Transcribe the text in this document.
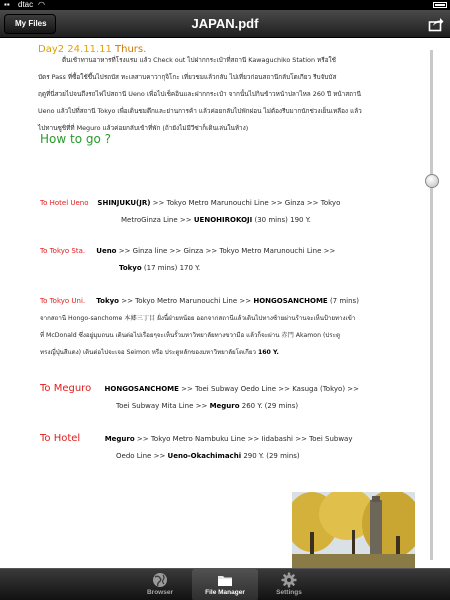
▪▪ dtac ◠
My Files	JAPAN.pdf
Day2 24.11.11 Thurs.
ตื่นเช้าทานอาหารที่โรงแรม แล้ว Check out ไปฝากกระเป๋าที่สถานี Kawaguchiko Station หรือใช้
บัตร Pass ที่ซื้อใช้ขึ้นไปรถบัส ทะเลสาบคาวากุจิโกะ เที่ยวชมแล้วกลับ ไปเที่ยวก่อนสถานีกลับโตเกียว รีบจับบัส
ฤดูที่นี่สวยไปจนถึงรถไฟไปสถานี Ueno เพื่อไปเช็คอินและฝากกระเป๋า จากนั้นไปกินข้าวหน้าปลาไหล 260 ปี หน้าสถานี
Ueno แล้วไปที่สถานี Tokyo เพื่อเดินชมตึกและย่านการค้า แล้วค่อยกลับไปพักผ่อน ไม่ต้องรีบมากนักช่วงเย็นเหลือง แล้ว
ไปทานซูชิที่ที่ Meguro แล้วค่อยกลับเข้าที่พัก (ถ้ายังไม่มีวีซ่าก็เดินเล่นในห้าง)
How to go ?
To Hotel Ueno SHINJUKU(JR) >> Tokyo Metro Marunouchi Line >> Ginza >> Tokyo
MetroGinza Line >> UENOHIROKOJI (30 mins) 190 Y.
To Tokyo Sta. Ueno >> Ginza line >> Ginza >> Tokyo Metro Marunouchi Line >>
Tokyo (17 mins) 170 Y.
To Tokyo Uni. Tokyo >> Tokyo Metro Marunouchi Line >> HONGOSANCHOME (7 mins)
จากสถานี Hongo-sanchome 本郷三丁目 ฝั่งนี้ฝ่ายหน้อย ออกจากสถานีแล้วเดินไปทางซ้ายผ่านร้านจะเห็นป้ายทางเข้า
ที่ McDonald ซึ่งอยู่มุมถนน เดินต่อไปเรื่อยๆจะเห็นรั้วมหาวิทยาลัยทางขวามือ แล้วก็จะผ่าน 赤門 Akamon (ประตู
ทรงญี่ปุ่นสีแดง) เดินต่อไปจะเจอ Seimon หรือ ประตูหลักของมหาวิทยาลัยโตเกียว 160 Y.
To Meguro HONGOSANCHOME >> Toei Subway Oedo Line >> Kasuga (Tokyo) >>
Toei Subway Mita Line >> Meguro 260 Y. (29 mins)
To Hotel	Meguro >> Tokyo Metro Nambuku Line >> Iidabashi >> Toei Subway
Oedo Line >> Ueno-Okachimachi 290 Y. (29 mins)
Browser	File Manager	Settings
